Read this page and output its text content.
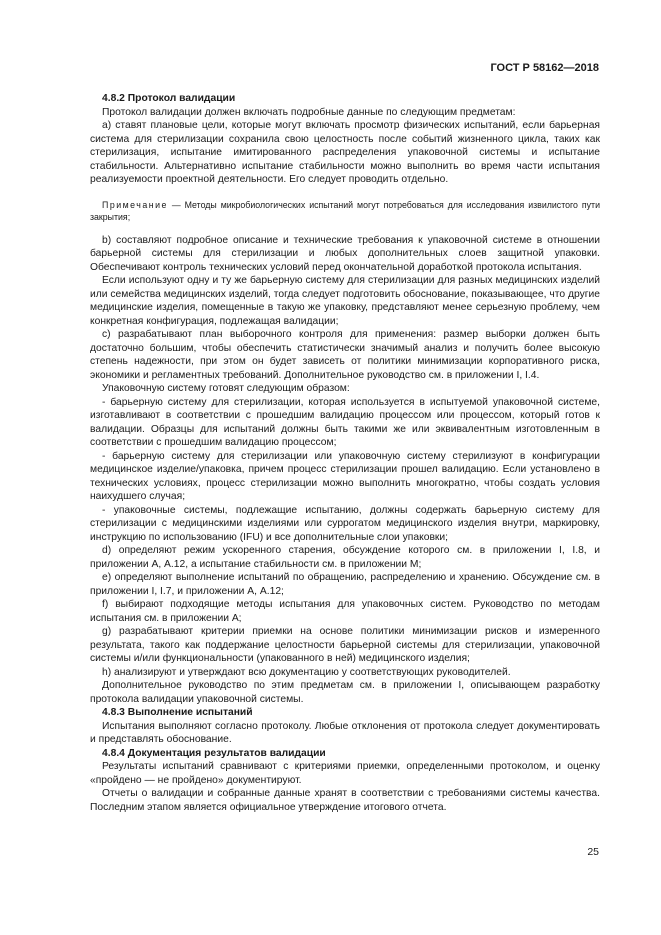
ГОСТ Р 58162—2018
4.8.2 Протокол валидации
Протокол валидации должен включать подробные данные по следующим предметам:
а) ставят плановые цели, которые могут включать просмотр физических испытаний, если барьерная система для стерилизации сохранила свою целостность после событий жизненного цикла, таких как стерилизация, испытание имитированного распределения упаковочной системы и испытание стабильности. Альтернативно испытание стабильности можно выполнить во время части испытания реализуемости проектной деятельности. Его следует проводить отдельно.
Примечание — Методы микробиологических испытаний могут потребоваться для исследования извилистого пути закрытия;
b) составляют подробное описание и технические требования к упаковочной системе в отношении барьерной системы для стерилизации и любых дополнительных слоев защитной упаковки. Обеспечивают контроль технических условий перед окончательной доработкой протокола испытания.
Если используют одну и ту же барьерную систему для стерилизации для разных медицинских изделий или семейства медицинских изделий, тогда следует подготовить обоснование, показывающее, что другие медицинские изделия, помещенные в такую же упаковку, представляют менее серьезную проблему, чем конкретная конфигурация, подлежащая валидации;
с) разрабатывают план выборочного контроля для применения: размер выборки должен быть достаточно большим, чтобы обеспечить статистически значимый анализ и получить более высокую степень надежности, при этом он будет зависеть от политики минимизации корпоративного риска, экономики и регламентных требований. Дополнительное руководство см. в приложении I, I.4.
Упаковочную систему готовят следующим образом:
- барьерную систему для стерилизации, которая используется в испытуемой упаковочной системе, изготавливают в соответствии с прошедшим валидацию процессом или процессом, который готов к валидации. Образцы для испытаний должны быть такими же или эквивалентным изготовленным в соответствии с прошедшим валидацию процессом;
- барьерную систему для стерилизации или упаковочную систему стерилизуют в конфигурации медицинское изделие/упаковка, причем процесс стерилизации прошел валидацию. Если установлено в технических условиях, процесс стерилизации можно выполнить многократно, чтобы создать условия наихудшего случая;
- упаковочные системы, подлежащие испытанию, должны содержать барьерную систему для стерилизации с медицинскими изделиями или суррогатом медицинского изделия внутри, маркировку, инструкцию по использованию (IFU) и все дополнительные слои упаковки;
d) определяют режим ускоренного старения, обсуждение которого см. в приложении I, I.8, и приложении А, А.12, а испытание стабильности см. в приложении М;
е) определяют выполнение испытаний по обращению, распределению и хранению. Обсуждение см. в приложении I, I.7, и приложении А, А.12;
f) выбирают подходящие методы испытания для упаковочных систем. Руководство по методам испытания см. в приложении А;
g) разрабатывают критерии приемки на основе политики минимизации рисков и измеренного результата, такого как поддержание целостности барьерной системы для стерилизации, упаковочной системы и/или функциональности (упакованного в ней) медицинского изделия;
h) анализируют и утверждают всю документацию у соответствующих руководителей.
Дополнительное руководство по этим предметам см. в приложении I, описывающем разработку протокола валидации упаковочной системы.
4.8.3 Выполнение испытаний
Испытания выполняют согласно протоколу. Любые отклонения от протокола следует документировать и представлять обоснование.
4.8.4 Документация результатов валидации
Результаты испытаний сравнивают с критериями приемки, определенными протоколом, и оценку «пройдено — не пройдено» документируют.
Отчеты о валидации и собранные данные хранят в соответствии с требованиями системы качества. Последним этапом является официальное утверждение итогового отчета.
25
